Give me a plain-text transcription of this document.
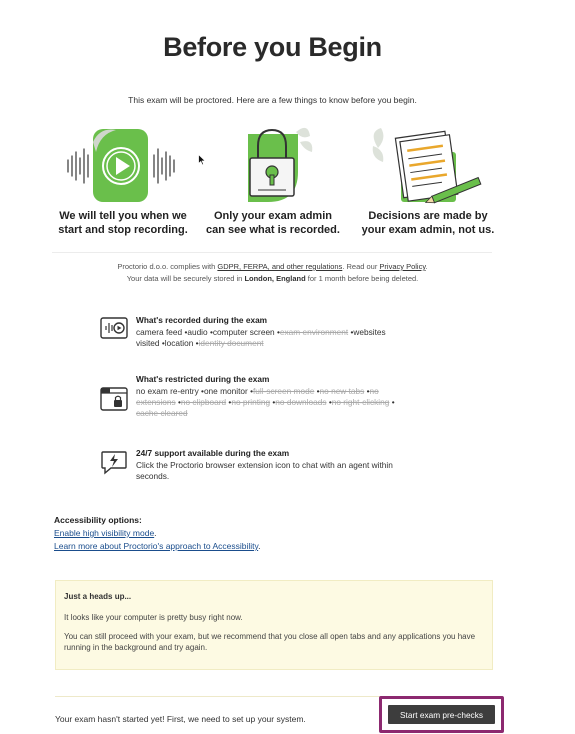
Before you Begin
This exam will be proctored. Here are a few things to know before you begin.
We will tell you when we
start and stop recording.
Only your exam admin
can see what is recorded.
Decisions are made by
your exam admin, not us.
Proctorio d.o.o. complies with GDPR, FERPA, and other regulations. Read our Privacy Policy.
Your data will be securely stored in London, England for 1 month before being deleted.
What's recorded during the exam
camera feed •audio •computer screen •exam environment •websites
visited •location •identity document
What's restricted during the exam
no exam re-entry •one monitor •full-screen mode •no new tabs •no
extensions •no clipboard •no printing •no downloads •no right-clicking •
cache cleared
24/7 support available during the exam
Click the Proctorio browser extension icon to chat with an agent within
seconds.
Accessibility options:
Enable high visibility mode.
Learn more about Proctorio's approach to Accessibility.
Just a heads up...

It looks like your computer is pretty busy right now.

You can still proceed with your exam, but we recommend that you close all open tabs and any applications you have running in the background and try again.

Your exam hasn't started yet! First, we need to set up your system.	Start exam pre-checks
